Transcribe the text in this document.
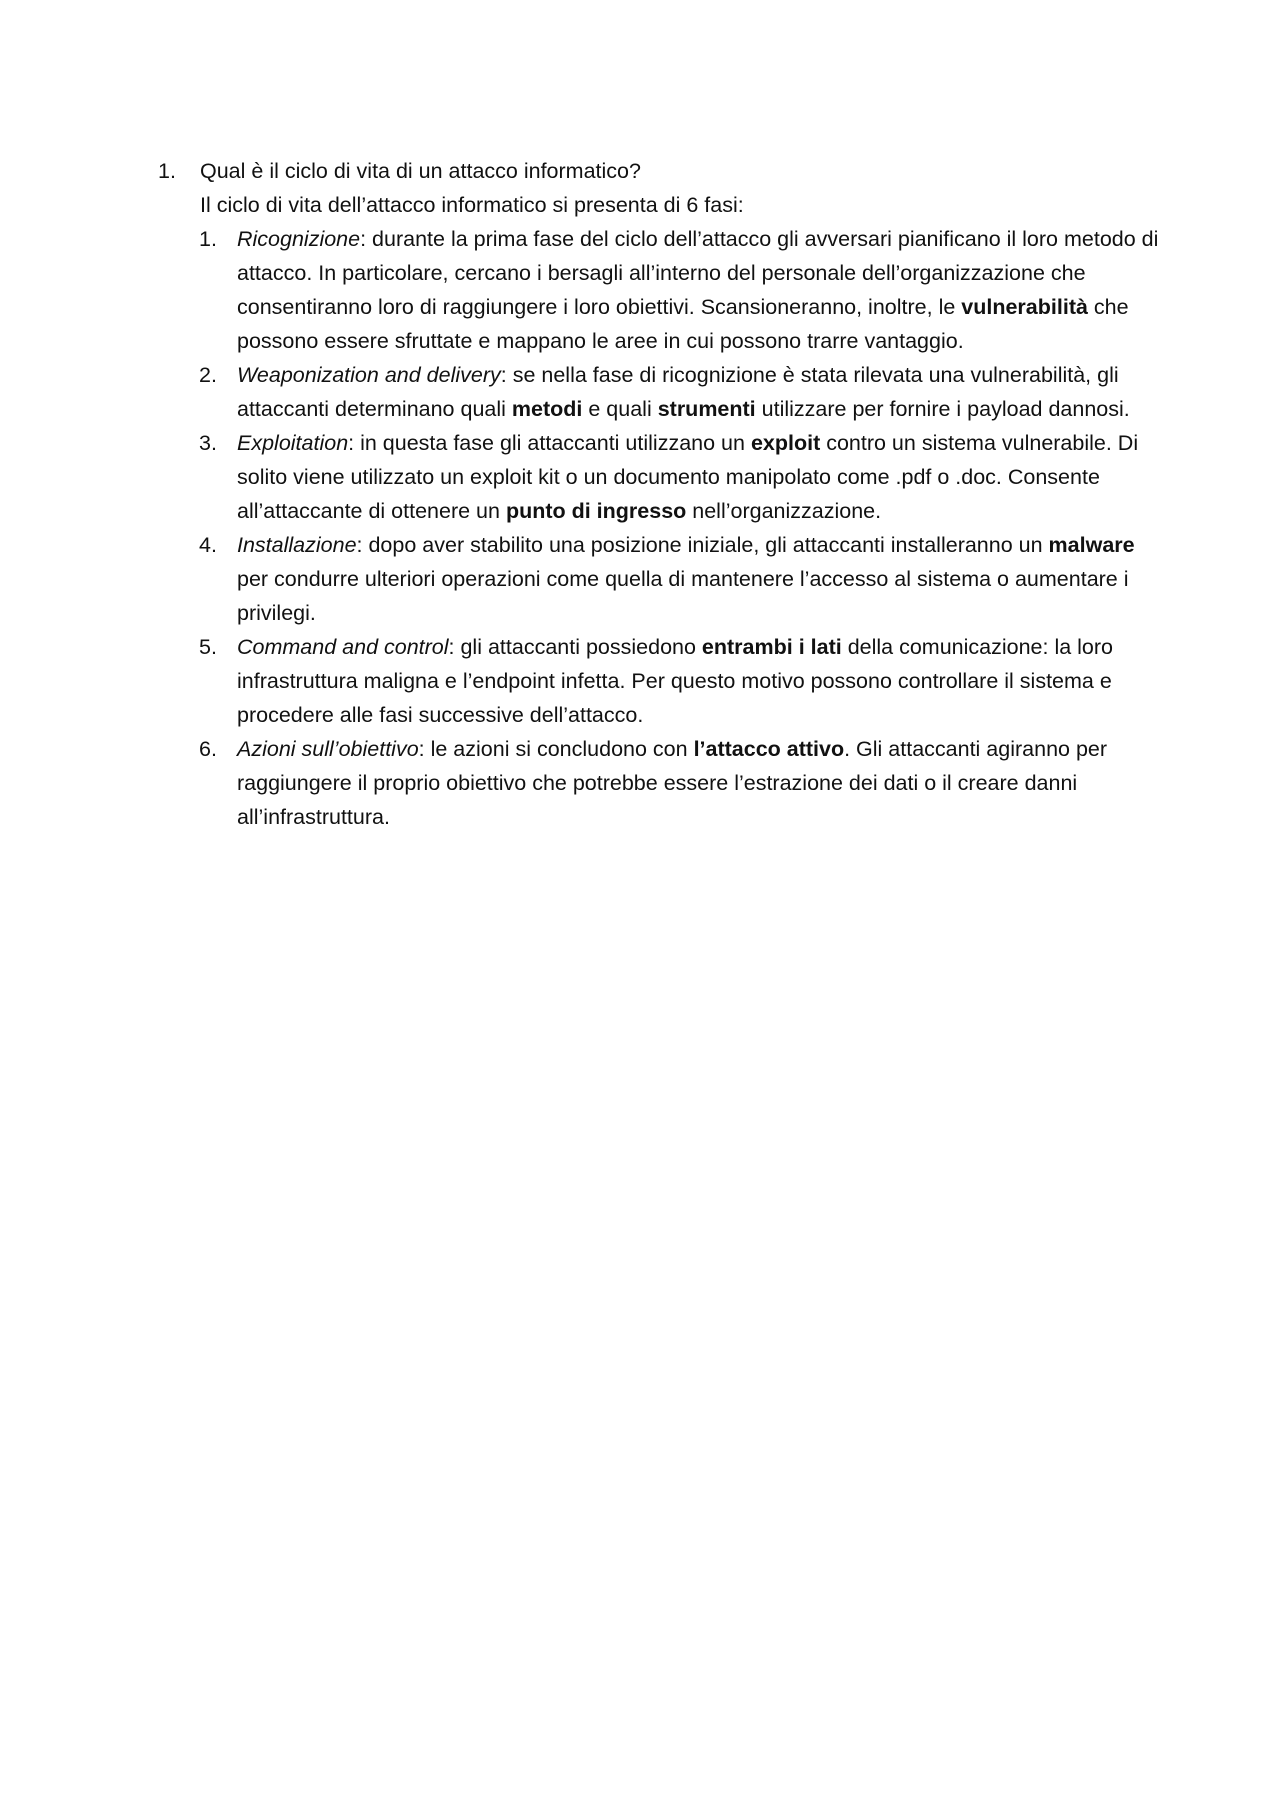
1. Qual è il ciclo di vita di un attacco informatico?
Il ciclo di vita dell’attacco informatico si presenta di 6 fasi:
1. Ricognizione: durante la prima fase del ciclo dell’attacco gli avversari pianificano il loro metodo di attacco. In particolare, cercano i bersagli all’interno del personale dell’organizzazione che consentiranno loro di raggiungere i loro obiettivi. Scansioneranno, inoltre, le vulnerabilità che possono essere sfruttate e mappano le aree in cui possono trarre vantaggio.
2. Weaponization and delivery: se nella fase di ricognizione è stata rilevata una vulnerabilità, gli attaccanti determinano quali metodi e quali strumenti utilizzare per fornire i payload dannosi.
3. Exploitation: in questa fase gli attaccanti utilizzano un exploit contro un sistema vulnerabile. Di solito viene utilizzato un exploit kit o un documento manipolato come .pdf o .doc. Consente all’attaccante di ottenere un punto di ingresso nell’organizzazione.
4. Installazione: dopo aver stabilito una posizione iniziale, gli attaccanti installeranno un malware per condurre ulteriori operazioni come quella di mantenere l’accesso al sistema o aumentare i privilegi.
5. Command and control: gli attaccanti possiedono entrambi i lati della comunicazione: la loro infrastruttura maligna e l’endpoint infetta. Per questo motivo possono controllare il sistema e procedere alle fasi successive dell’attacco.
6. Azioni sull’obiettivo: le azioni si concludono con l’attacco attivo. Gli attaccanti agiranno per raggiungere il proprio obiettivo che potrebbe essere l’estrazione dei dati o il creare danni all’infrastruttura.
